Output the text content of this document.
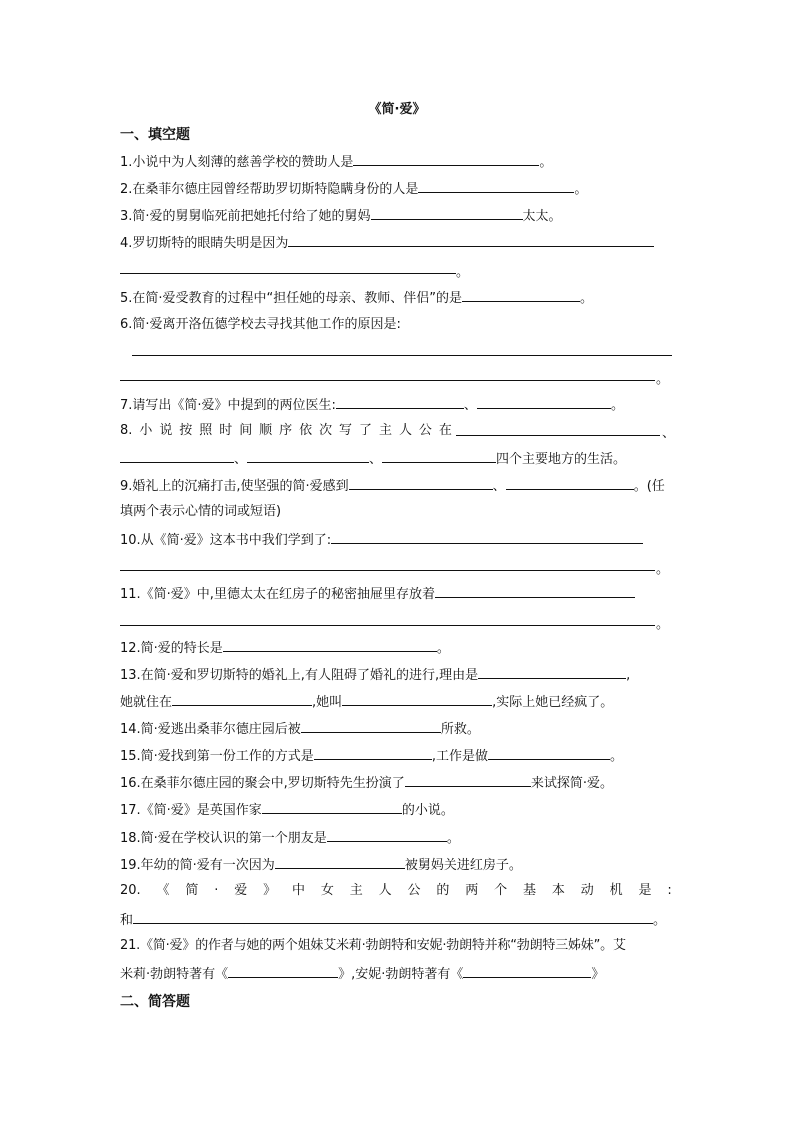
《简·爱》
一、填空题
1.小说中为人刻薄的慈善学校的赞助人是	。
2.在桑菲尔德庄园曾经帮助罗切斯特隐瞒身份的人是	。
3.简·爱的舅舅临死前把她托付给了她的舅妈	太太。
4.罗切斯特的眼睛失明是因为
。
5.在简·爱受教育的过程中“担任她的母亲、教师、伴侣”的是	。
6.简·爱离开洛伍德学校去寻找其他工作的原因是:
。
7.请写出《简·爱》中提到的两位医生:	、	。
8. 小 说 按 照 时 间 顺 序 依 次 写 了 主 人 公 在	、
、	、	四个主要地方的生活。
9.婚礼上的沉痛打击,使坚强的简·爱感到	、	。(任
填两个表示心情的词或短语)
10.从《简·爱》这本书中我们学到了:
。
11.《简·爱》中,里德太太在红房子的秘密抽屉里存放着
。
12.简·爱的特长是	。
13.在简·爱和罗切斯特的婚礼上,有人阻碍了婚礼的进行,理由是	,
她就住在	,她叫	,实际上她已经疯了。
14.简·爱逃出桑菲尔德庄园后被	所救。
15.简·爱找到第一份工作的方式是	,工作是做	。
16.在桑菲尔德庄园的聚会中,罗切斯特先生扮演了	来试探简·爱。
17.《简·爱》是英国作家	的小说。
18.简·爱在学校认识的第一个朋友是	。
19.年幼的简·爱有一次因为	被舅妈关进红房子。
20. 《 简 · 爱 》 中 女 主 人 公 的 两 个 基 本 动 机 是 :
和	。
21.《简·爱》的作者与她的两个姐妹艾米莉·勃朗特和安妮·勃朗特并称“勃朗特三姊妹”。艾
米莉·勃朗特著有《	》,安妮·勃朗特著有《	》
二、简答题
